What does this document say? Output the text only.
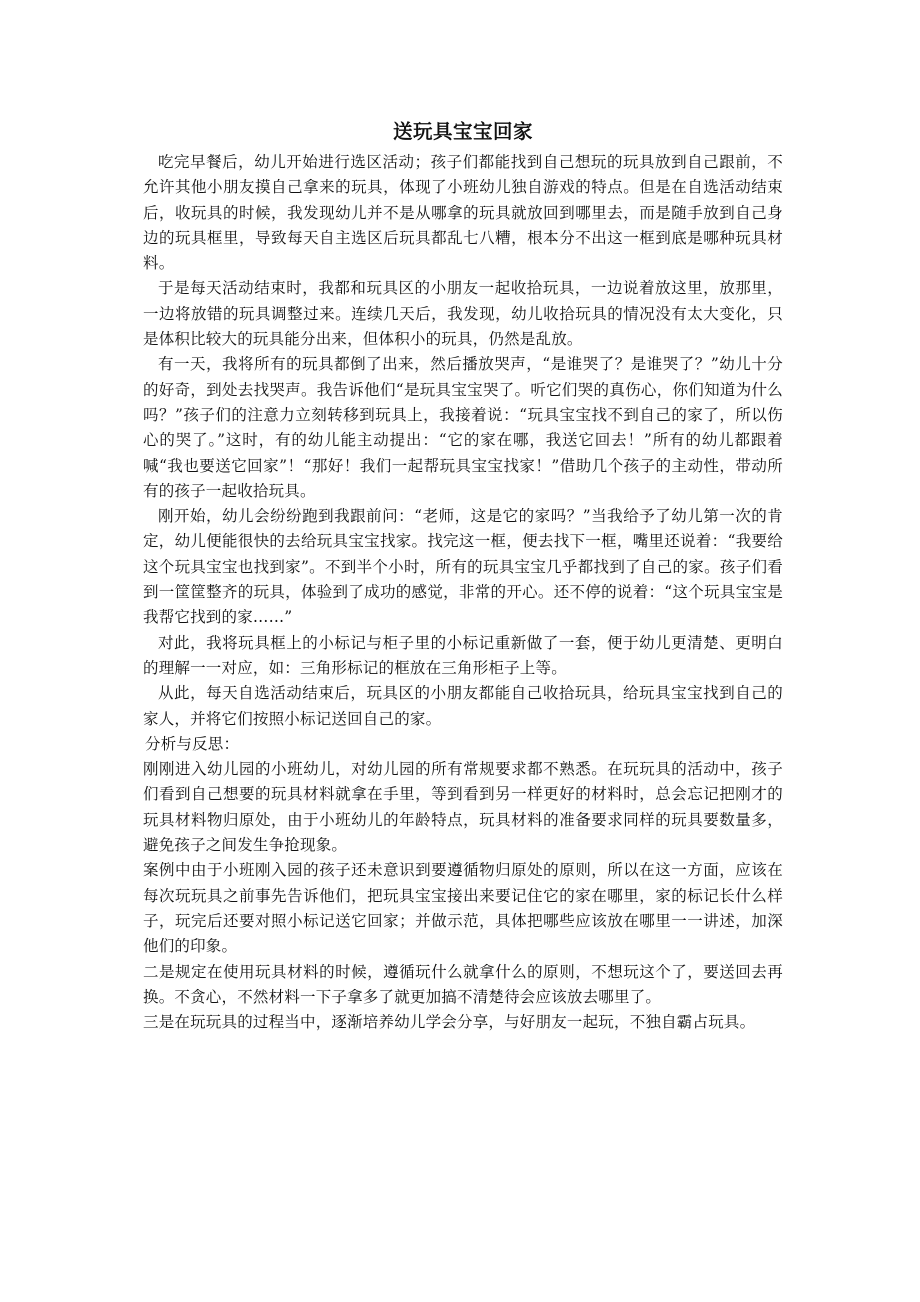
送玩具宝宝回家

吃完早餐后，幼儿开始进行选区活动；孩子们都能找到自己想玩的玩具放到自己跟前，不允许其他小朋友摸自己拿来的玩具，体现了小班幼儿独自游戏的特点。但是在自选活动结束后，收玩具的时候，我发现幼儿并不是从哪拿的玩具就放回到哪里去，而是随手放到自己身边的玩具框里，导致每天自主选区后玩具都乱七八糟，根本分不出这一框到底是哪种玩具材料。

于是每天活动结束时，我都和玩具区的小朋友一起收拾玩具，一边说着放这里，放那里，一边将放错的玩具调整过来。连续几天后，我发现，幼儿收拾玩具的情况没有太大变化，只是体积比较大的玩具能分出来，但体积小的玩具，仍然是乱放。

有一天，我将所有的玩具都倒了出来，然后播放哭声，“是谁哭了？是谁哭了？”幼儿十分的好奇，到处去找哭声。我告诉他们“是玩具宝宝哭了。听它们哭的真伤心，你们知道为什么吗？”孩子们的注意力立刻转移到玩具上，我接着说：“玩具宝宝找不到自己的家了，所以伤心的哭了。”这时，有的幼儿能主动提出：“它的家在哪，我送它回去！”所有的幼儿都跟着喊“我也要送它回家”！“那好！我们一起帮玩具宝宝找家！”借助几个孩子的主动性，带动所有的孩子一起收拾玩具。

刚开始，幼儿会纷纷跑到我跟前问：“老师，这是它的家吗？”当我给予了幼儿第一次的肯定，幼儿便能很快的去给玩具宝宝找家。找完这一框，便去找下一框，嘴里还说着：“我要给这个玩具宝宝也找到家”。不到半个小时，所有的玩具宝宝几乎都找到了自己的家。孩子们看到一筐筐整齐的玩具，体验到了成功的感觉，非常的开心。还不停的说着：“这个玩具宝宝是我帮它找到的家……”

对此，我将玩具框上的小标记与柜子里的小标记重新做了一套，便于幼儿更清楚、更明白的理解一一对应，如：三角形标记的框放在三角形柜子上等。

从此，每天自选活动结束后，玩具区的小朋友都能自己收拾玩具，给玩具宝宝找到自己的家人，并将它们按照小标记送回自己的家。

分析与反思：

刚刚进入幼儿园的小班幼儿，对幼儿园的所有常规要求都不熟悉。在玩玩具的活动中，孩子们看到自己想要的玩具材料就拿在手里，等到看到另一样更好的材料时，总会忘记把刚才的玩具材料物归原处，由于小班幼儿的年龄特点，玩具材料的准备要求同样的玩具要数量多，避免孩子之间发生争抢现象。

案例中由于小班刚入园的孩子还未意识到要遵循物归原处的原则，所以在这一方面，应该在每次玩玩具之前事先告诉他们，把玩具宝宝接出来要记住它的家在哪里，家的标记长什么样子，玩完后还要对照小标记送它回家；并做示范，具体把哪些应该放在哪里一一讲述，加深他们的印象。

二是规定在使用玩具材料的时候，遵循玩什么就拿什么的原则，不想玩这个了，要送回去再换。不贪心，不然材料一下子拿多了就更加搞不清楚待会应该放去哪里了。

三是在玩玩具的过程当中，逐渐培养幼儿学会分享，与好朋友一起玩，不独自霸占玩具。
